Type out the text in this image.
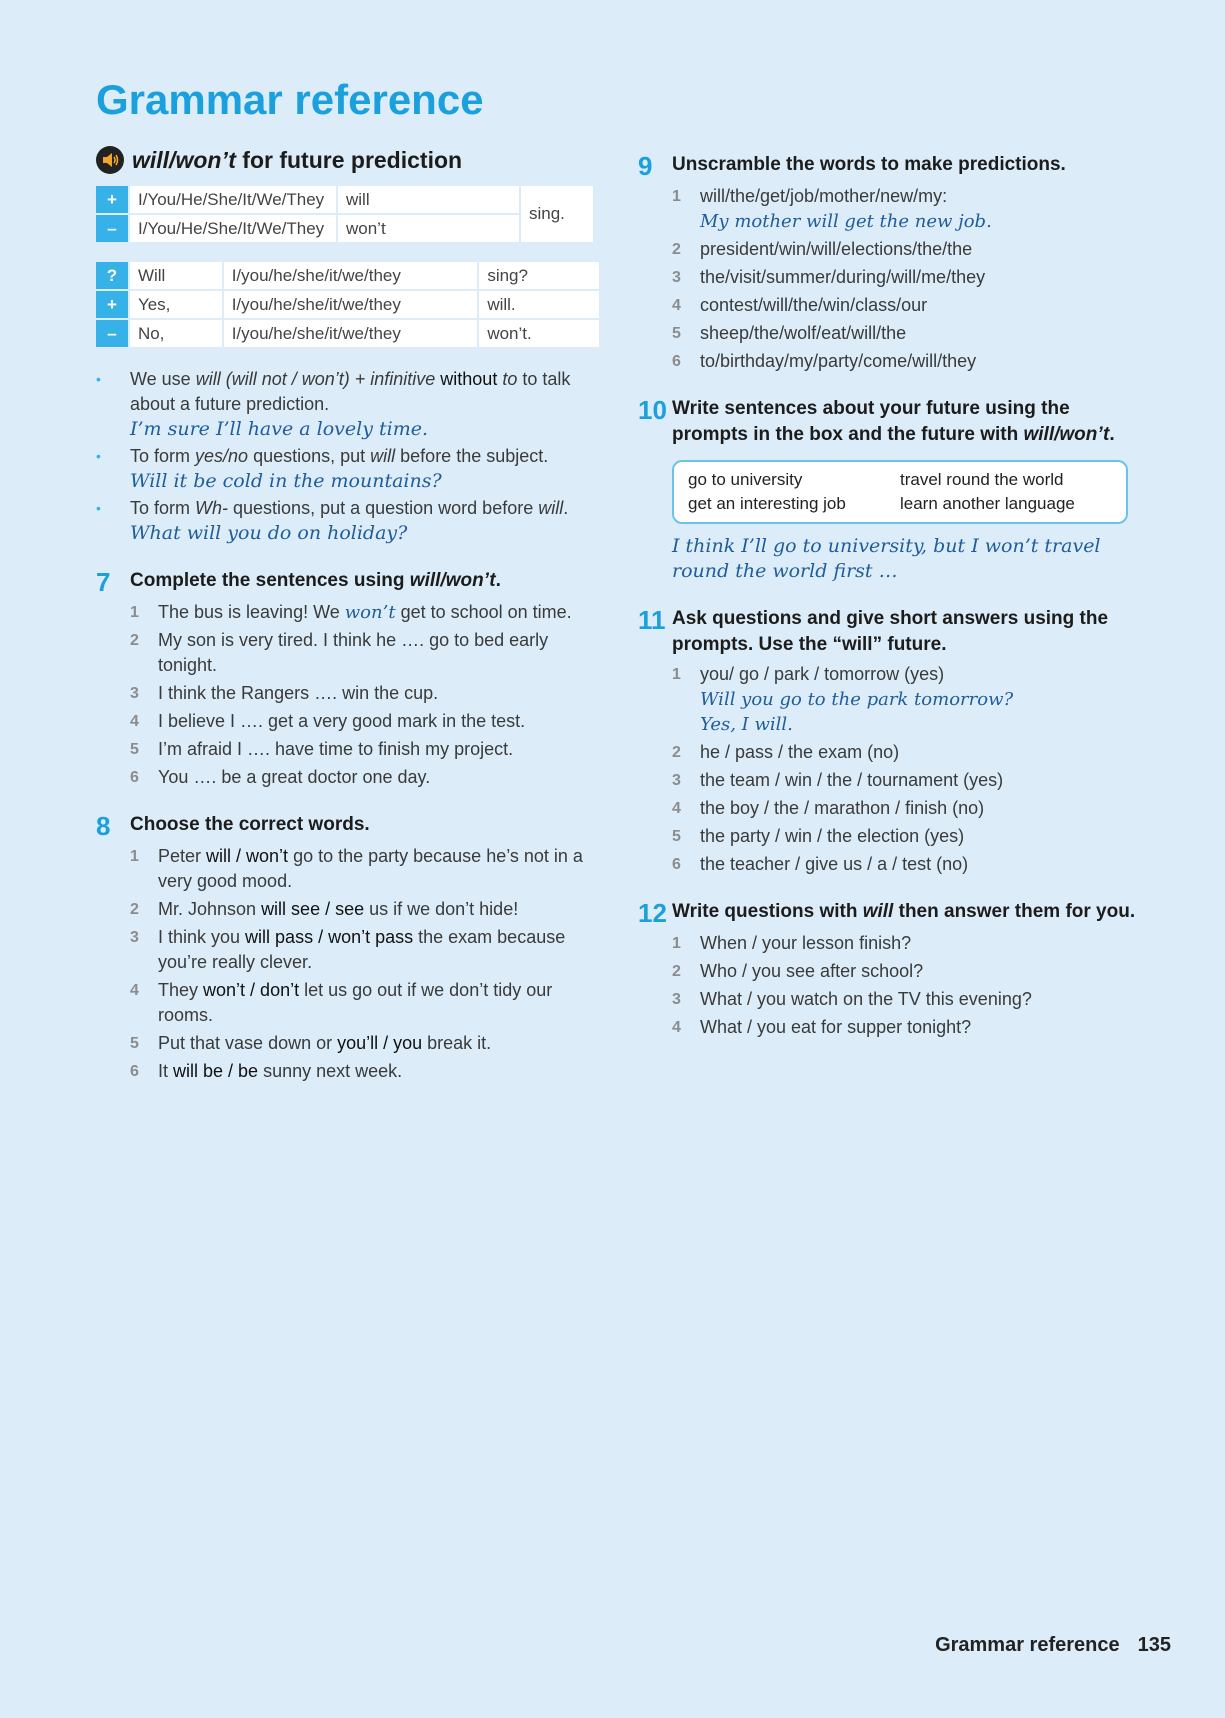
Grammar reference
will/won’t for future prediction
+	I/You/He/She/It/We/They	will	sing.
–	I/You/He/She/It/We/They	won’t	
?	Will	I/you/he/she/it/we/they	sing?
+	Yes,	I/you/he/she/it/we/they	will.
–	No,	I/you/he/she/it/we/they	won’t.
• We use will (will not / won’t) + infinitive without to to talk about a future prediction.
I’m sure I’ll have a lovely time.
• To form yes/no questions, put will before the subject.
Will it be cold in the mountains?
• To form Wh- questions, put a question word before will.
What will you do on holiday?
7	Complete the sentences using will/won’t.
1	The bus is leaving! We won’t get to school on time.
2	My son is very tired. I think he …. go to bed early tonight.
3	I think the Rangers …. win the cup.
4	I believe I …. get a very good mark in the test.
5	I’m afraid I …. have time to finish my project.
6	You …. be a great doctor one day.
8	Choose the correct words.
1	Peter will / won’t go to the party because he’s not in a very good mood.
2	Mr. Johnson will see / see us if we don’t hide!
3	I think you will pass / won’t pass the exam because you’re really clever.
4	They won’t / don’t let us go out if we don’t tidy our rooms.
5	Put that vase down or you’ll / you break it.
6	It will be / be sunny next week.
9	Unscramble the words to make predictions.
1	will/the/get/job/mother/new/my:
My mother will get the new job.
2	president/win/will/elections/the/the
3	the/visit/summer/during/will/me/they
4	contest/will/the/win/class/our
5	sheep/the/wolf/eat/will/the
6	to/birthday/my/party/come/will/they
10 Write sentences about your future using the prompts in the box and the future with will/won’t.
go to university	travel round the world
get an interesting job	learn another language
I think I’ll go to university, but I won’t travel round the world first …
11 Ask questions and give short answers using the prompts. Use the “will” future.
1	you/ go / park / tomorrow (yes)
Will you go to the park tomorrow?
Yes, I will.
2	he / pass / the exam (no)
3	the team / win / the / tournament (yes)
4	the boy / the / marathon / finish (no)
5	the party / win / the election (yes)
6	the teacher / give us / a / test (no)
12 Write questions with will then answer them for you.
1	When / your lesson finish?
2	Who / you see after school?
3	What / you watch on the TV this evening?
4	What / you eat for supper tonight?
Grammar reference 135
